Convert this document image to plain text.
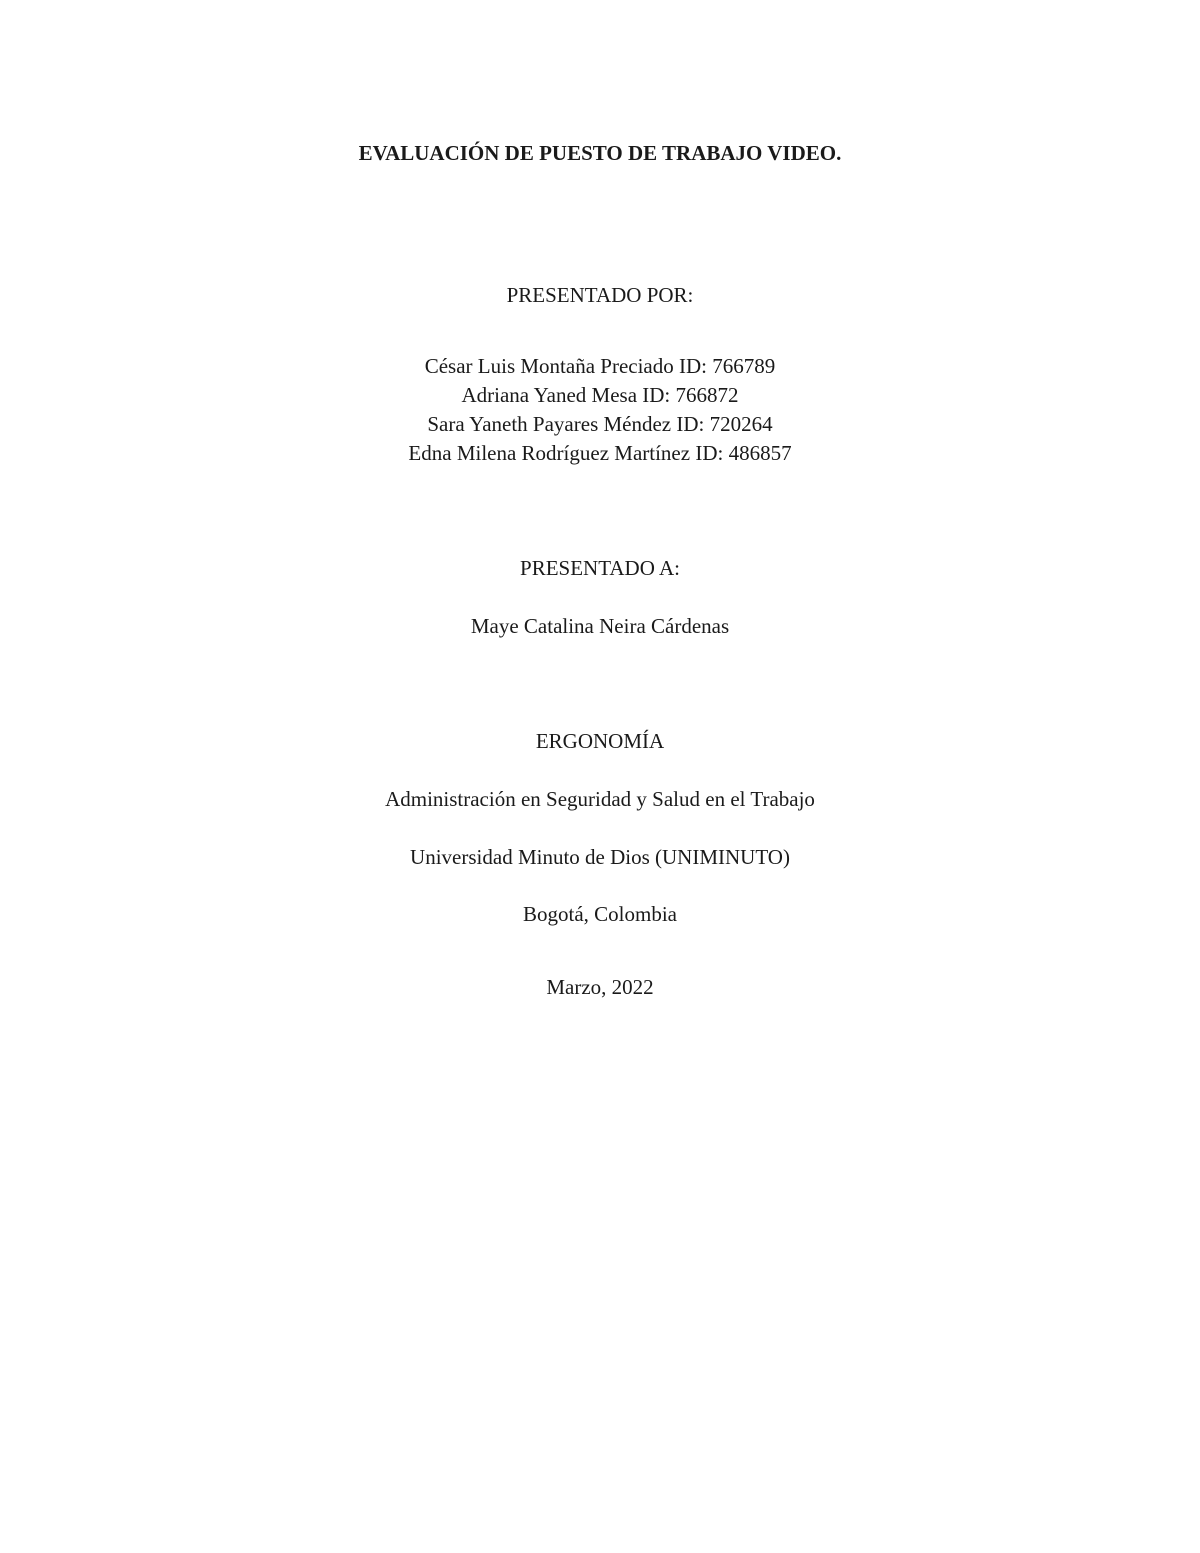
EVALUACIÓN DE PUESTO DE TRABAJO VIDEO.
PRESENTADO POR:
César Luis Montaña Preciado ID: 766789
Adriana Yaned Mesa ID: 766872
Sara Yaneth Payares Méndez ID: 720264
Edna Milena Rodríguez Martínez ID: 486857
PRESENTADO A:
Maye Catalina Neira Cárdenas
ERGONOMÍA
Administración en Seguridad y Salud en el Trabajo
Universidad Minuto de Dios (UNIMINUTO)
Bogotá, Colombia
Marzo, 2022
